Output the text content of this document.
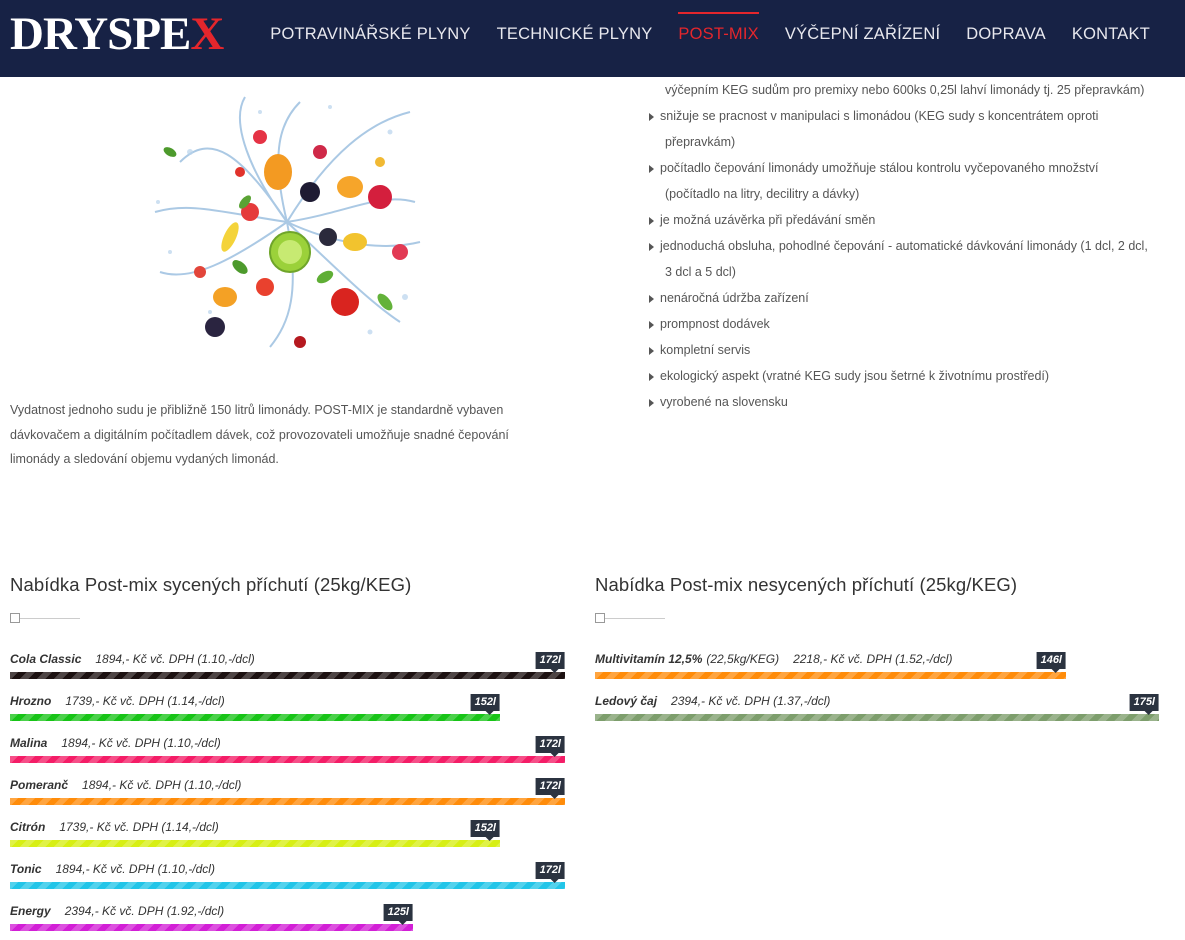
DRYSPEX	POTRAVINÁŘSKÉ PLYNY TECHNICKÉ PLYNY POST-MIX VÝČEPNÍ ZAŘÍZENÍ DOPRAVA KONTAKT

Vydatnost jednoho sudu je přibližně 150 litrů limonády. POST-MIX je standardně vybaven dávkovačem a digitálním počítadlem dávek, což provozovateli umožňuje snadné čepování limonády a sledování objemu vydaných limonád.

výčepním KEG sudům pro premixy nebo 600ks 0,25l lahví limonády tj. 25 přepravkám)
snižuje se pracnost v manipulaci s limonádou (KEG sudy s koncentrátem oproti
přepravkám)
počítadlo čepování limonády umožňuje stálou kontrolu vyčepovaného množství
(počítadlo na litry, decilitry a dávky)
je možná uzávěrka při předávání směn
jednoduchá obsluha, pohodlné čepování - automatické dávkování limonády (1 dcl, 2 dcl,
3 dcl a 5 dcl)
nenáročná údržba zařízení
prompnost dodávek
kompletní servis
ekologický aspekt (vratné KEG sudy jsou šetrné k životnímu prostředí)
vyrobené na slovensku
Nabídka Post-mix sycených příchutí (25kg/KEG)
Cola Classic 1894,- Kč vč. DPH (1.10,-/dcl)	172l
Hrozno 1739,- Kč vč. DPH (1.14,-/dcl)	152l
Malina 1894,- Kč vč. DPH (1.10,-/dcl)	172l
Pomeranč 1894,- Kč vč. DPH (1.10,-/dcl)	172l
Citrón 1739,- Kč vč. DPH (1.14,-/dcl)	152l
Tonic 1894,- Kč vč. DPH (1.10,-/dcl)	172l
Energy 2394,- Kč vč. DPH (1.92,-/dcl)	125l
Nabídka Post-mix nesycených příchutí (25kg/KEG)
Multivitamín 12,5% (22,5kg/KEG) 2218,- Kč vč. DPH (1.52,-/dcl)	146l
Ledový čaj 2394,- Kč vč. DPH (1.37,-/dcl)	175l
